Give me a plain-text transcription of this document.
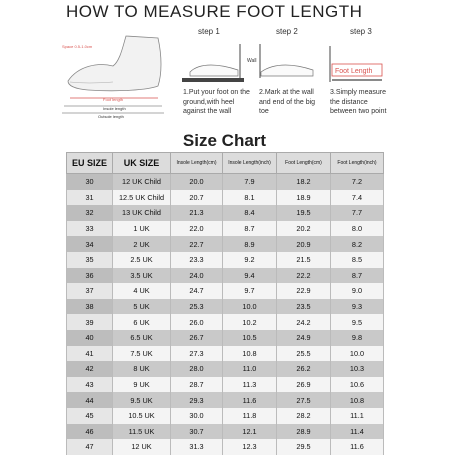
HOW TO MEASURE FOOT LENGTH
Space 0.5-1.0cm
Foot length
Insole length
Outsole length
step 1
1.Put your foot on the ground,with heel against the wall
step 2
Wall
2.Mark at the wall and end of the big toe
step 3
Foot Length
3.Simply measure the distance between two point
Size Chart
EU SIZE	UK SIZE	Insole Length(cm)	Insole Length(inch)	Foot Length(cm)	Foot Length(inch)
30	12 UK Child	20.0	7.9	18.2	7.2
31	12.5 UK Child	20.7	8.1	18.9	7.4
32	13 UK Child	21.3	8.4	19.5	7.7
33	1 UK	22.0	8.7	20.2	8.0
34	2 UK	22.7	8.9	20.9	8.2
35	2.5 UK	23.3	9.2	21.5	8.5
36	3.5 UK	24.0	9.4	22.2	8.7
37	4 UK	24.7	9.7	22.9	9.0
38	5 UK	25.3	10.0	23.5	9.3
39	6 UK	26.0	10.2	24.2	9.5
40	6.5 UK	26.7	10.5	24.9	9.8
41	7.5 UK	27.3	10.8	25.5	10.0
42	8 UK	28.0	11.0	26.2	10.3
43	9 UK	28.7	11.3	26.9	10.6
44	9.5 UK	29.3	11.6	27.5	10.8
45	10.5 UK	30.0	11.8	28.2	11.1
46	11.5 UK	30.7	12.1	28.9	11.4
47	12 UK	31.3	12.3	29.5	11.6
